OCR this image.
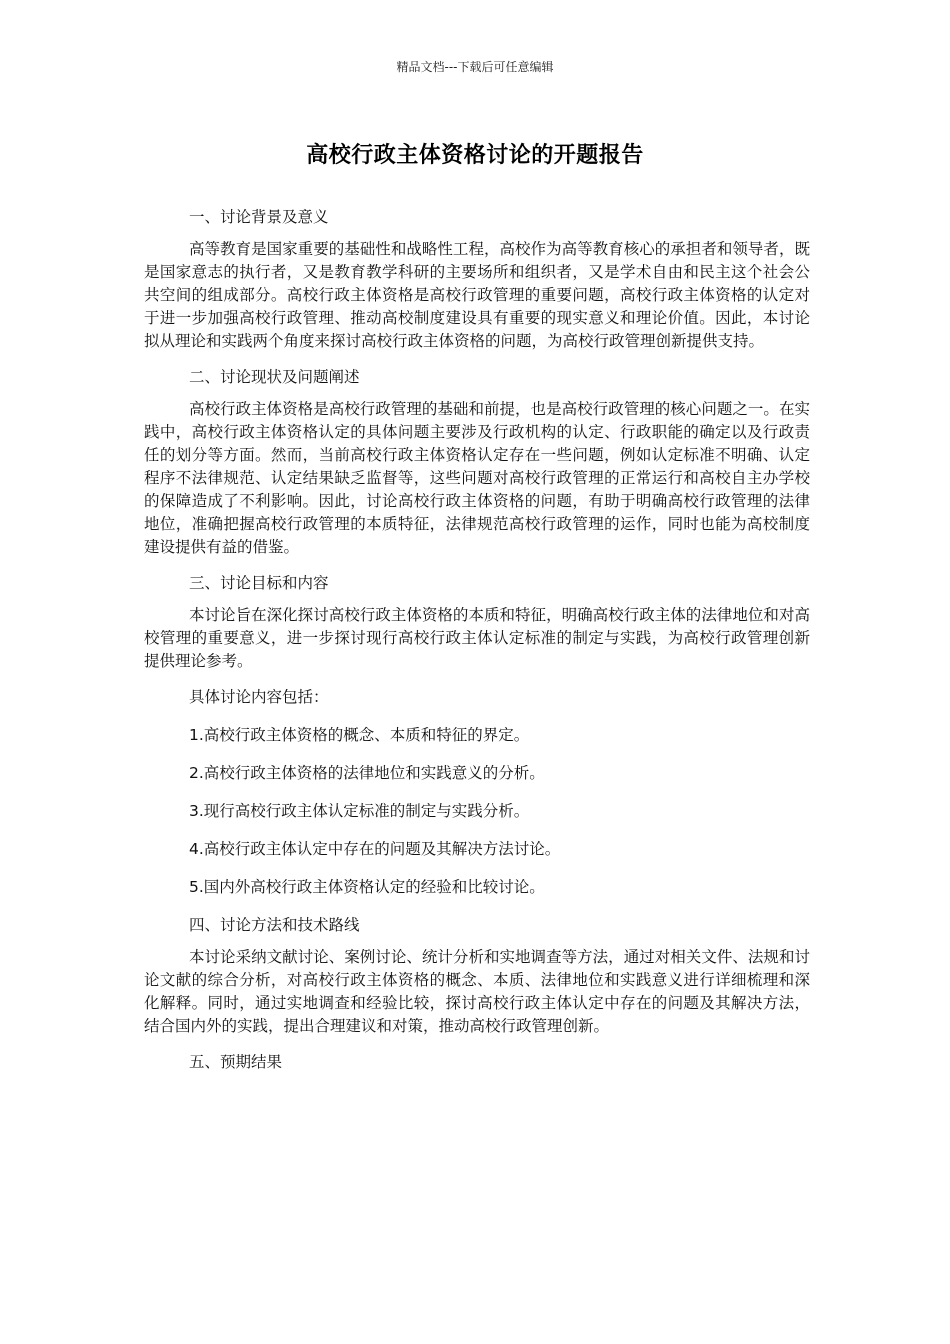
精品文档---下载后可任意编辑
高校行政主体资格讨论的开题报告

一、讨论背景及意义

高等教育是国家重要的基础性和战略性工程，高校作为高等教育核心的承担者和领导者，既是国家意志的执行者，又是教育教学科研的主要场所和组织者，又是学术自由和民主这个社会公共空间的组成部分。高校行政主体资格是高校行政管理的重要问题，高校行政主体资格的认定对于进一步加强高校行政管理、推动高校制度建设具有重要的现实意义和理论价值。因此，本讨论拟从理论和实践两个角度来探讨高校行政主体资格的问题，为高校行政管理创新提供支持。

二、讨论现状及问题阐述

高校行政主体资格是高校行政管理的基础和前提，也是高校行政管理的核心问题之一。在实践中，高校行政主体资格认定的具体问题主要涉及行政机构的认定、行政职能的确定以及行政责任的划分等方面。然而，当前高校行政主体资格认定存在一些问题，例如认定标准不明确、认定程序不法律规范、认定结果缺乏监督等，这些问题对高校行政管理的正常运行和高校自主办学校的保障造成了不利影响。因此，讨论高校行政主体资格的问题，有助于明确高校行政管理的法律地位，准确把握高校行政管理的本质特征，法律规范高校行政管理的运作，同时也能为高校制度建设提供有益的借鉴。

三、讨论目标和内容

本讨论旨在深化探讨高校行政主体资格的本质和特征，明确高校行政主体的法律地位和对高校管理的重要意义，进一步探讨现行高校行政主体认定标准的制定与实践，为高校行政管理创新提供理论参考。

具体讨论内容包括：

1.高校行政主体资格的概念、本质和特征的界定。

2.高校行政主体资格的法律地位和实践意义的分析。

3.现行高校行政主体认定标准的制定与实践分析。

4.高校行政主体认定中存在的问题及其解决方法讨论。

5.国内外高校行政主体资格认定的经验和比较讨论。

四、讨论方法和技术路线

本讨论采纳文献讨论、案例讨论、统计分析和实地调查等方法，通过对相关文件、法规和讨论文献的综合分析，对高校行政主体资格的概念、本质、法律地位和实践意义进行详细梳理和深化解释。同时，通过实地调查和经验比较，探讨高校行政主体认定中存在的问题及其解决方法，结合国内外的实践，提出合理建议和对策，推动高校行政管理创新。

五、预期结果
